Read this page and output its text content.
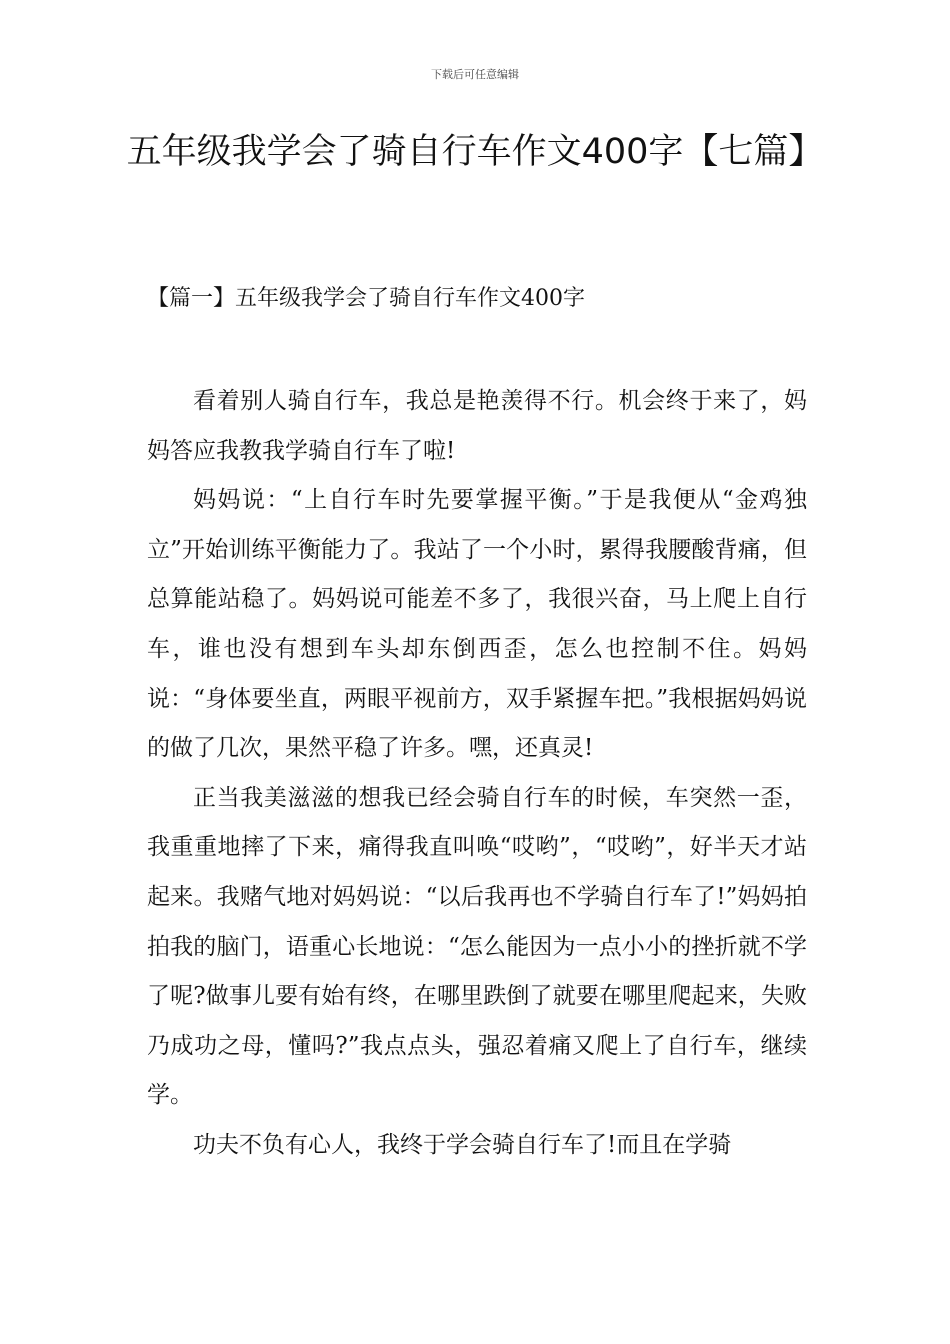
下载后可任意编辑
五年级我学会了骑自行车作文400字【七篇】
【篇一】五年级我学会了骑自行车作文400字

看着别人骑自行车，我总是艳羡得不行。机会终于来了，妈妈答应我教我学骑自行车了啦!

妈妈说：“上自行车时先要掌握平衡。”于是我便从“金鸡独立”开始训练平衡能力了。我站了一个小时，累得我腰酸背痛，但总算能站稳了。妈妈说可能差不多了，我很兴奋，马上爬上自行车，谁也没有想到车头却东倒西歪，怎么也控制不住。妈妈说：“身体要坐直，两眼平视前方，双手紧握车把。”我根据妈妈说的做了几次，果然平稳了许多。嘿，还真灵!

正当我美滋滋的想我已经会骑自行车的时候，车突然一歪，我重重地摔了下来，痛得我直叫唤“哎哟”，“哎哟”，好半天才站起来。我赌气地对妈妈说：“以后我再也不学骑自行车了!”妈妈拍拍我的脑门，语重心长地说：“怎么能因为一点小小的挫折就不学了呢?做事儿要有始有终，在哪里跌倒了就要在哪里爬起来，失败乃成功之母，懂吗?”我点点头，强忍着痛又爬上了自行车，继续学。

功夫不负有心人，我终于学会骑自行车了!而且在学骑
